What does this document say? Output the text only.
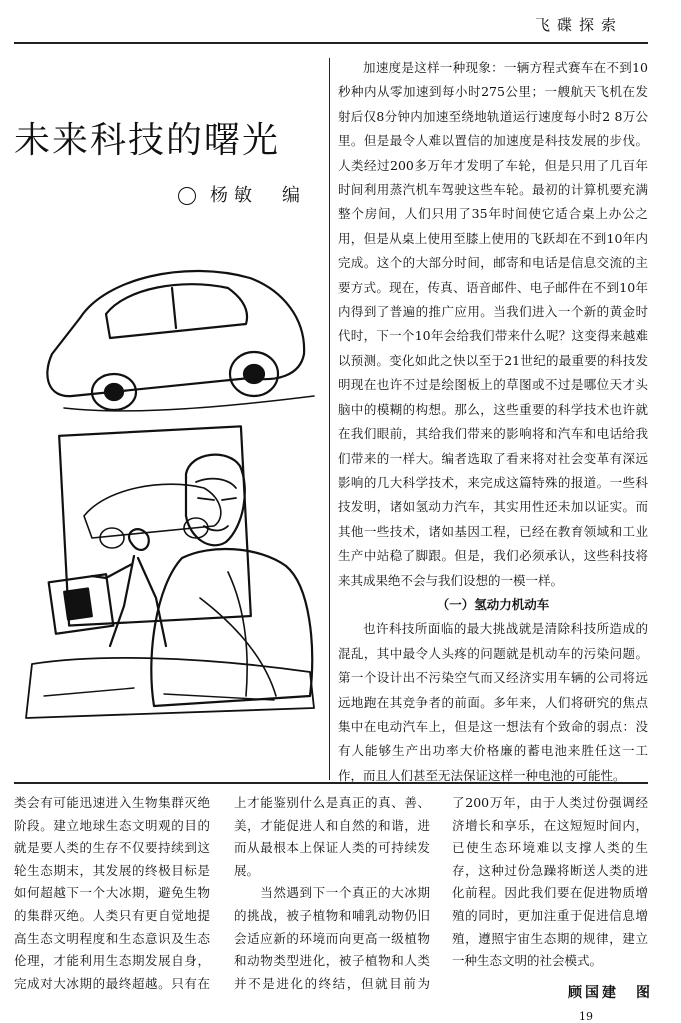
飞碟探索
未来科技的曙光
杨敏　编

加速度是这样一种现象：一辆方程式赛车在不到10秒种内从零加速到每小时275公里；一艘航天飞机在发射后仅8分钟内加速至绕地轨道运行速度每小时2 8万公里。但是最令人难以置信的加速度是科技发展的步伐。人类经过200多万年才发明了车轮，但是只用了几百年时间利用蒸汽机车驾驶这些车轮。最初的计算机要充满整个房间，人们只用了35年时间使它适合桌上办公之用，但是从桌上使用至膝上使用的飞跃却在不到10年内完成。这个的大部分时间，邮寄和电话是信息交流的主要方式。现在，传真、语音邮件、电子邮件在不到10年内得到了普遍的推广应用。当我们进入一个新的黄金时代时，下一个10年会给我们带来什么呢？这变得来越难以预测。变化如此之快以至于21世纪的最重要的科技发明现在也许不过是绘图板上的草图或不过是哪位天才头脑中的模糊的构想。那么，这些重要的科学技术也许就在我们眼前，其给我们带来的影响将和汽车和电话给我们带来的一样大。编者选取了看来将对社会变革有深远影响的几大科学技术，来完成这篇特殊的报道。一些科技发明，诸如氢动力汽车，其实用性还未加以证实。而其他一些技术，诸如基因工程，已经在教育领域和工业生产中站稳了脚跟。但是，我们必须承认，这些科技将来其成果绝不会与我们设想的一模一样。

（一）氢动力机动车

也许科技所面临的最大挑战就是清除科技所造成的混乱，其中最令人头疼的问题就是机动车的污染问题。第一个设计出不污染空气而又经济实用车辆的公司将远远地跑在其竞争者的前面。多年来，人们将研究的焦点集中在电动汽车上，但是这一想法有个致命的弱点：没有人能够生产出功率大价格廉的蓄电池来胜任这一工作，而且人们甚至无法保证这样一种电池的可能性。

类会有可能迅速进入生物集群灭绝阶段。建立地球生态文明观的目的就是要人类的生存不仅要持续到这轮生态期末，其发展的终极目标是如何超越下一个大冰期，避免生物的集群灭绝。人类只有更自觉地提高生态文明程度和生态意识及生态伦理，才能利用生态期发展自身，完成对大冰期的最终超越。只有在

上才能鉴别什么是真正的真、善、美，才能促进人和自然的和谐，进而从最根本上保证人类的可持续发展。
　　当然遇到下一个真正的大冰期的挑战，被子植物和哺乳动物仍旧会适应新的环境而向更高一级植物和动物类型进化，被子植物和人类并不是进化的终结，但就目前为

了200万年，由于人类过份强调经济增长和享乐，在这短短时间内，已使生态环境难以支撑人类的生存，这种过份急躁将断送人类的进化前程。因此我们要在促进物质增殖的同时，更加注重于促进信息增殖，遵照宇宙生态期的规律，建立一种生态文明的社会模式。

顾国建　图
19
